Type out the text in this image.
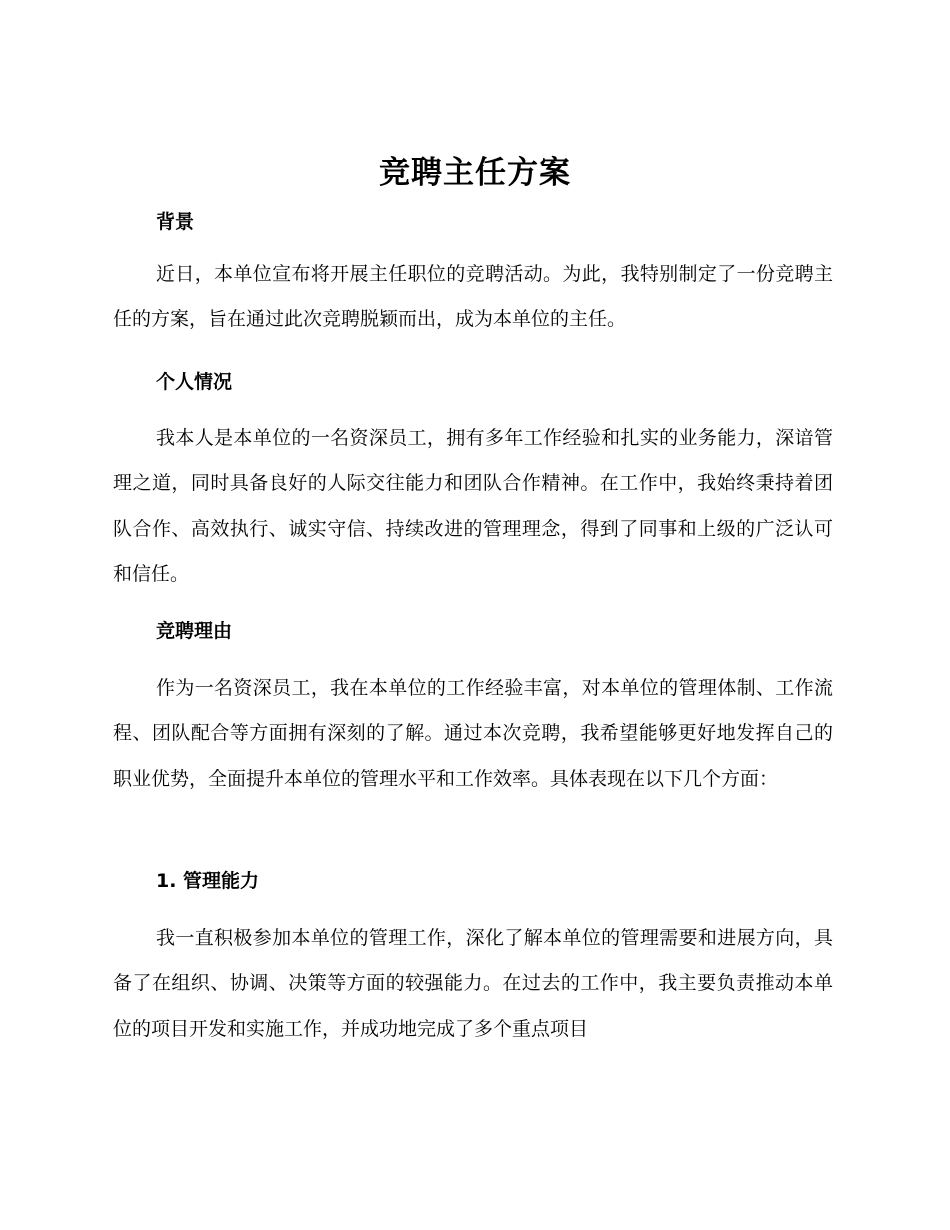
竞聘主任方案
背景

近日，本单位宣布将开展主任职位的竞聘活动。为此，我特别制定了一份竞聘主任的方案，旨在通过此次竞聘脱颖而出，成为本单位的主任。

个人情况

我本人是本单位的一名资深员工，拥有多年工作经验和扎实的业务能力，深谙管理之道，同时具备良好的人际交往能力和团队合作精神。在工作中，我始终秉持着团队合作、高效执行、诚实守信、持续改进的管理理念，得到了同事和上级的广泛认可和信任。

竞聘理由

作为一名资深员工，我在本单位的工作经验丰富，对本单位的管理体制、工作流程、团队配合等方面拥有深刻的了解。通过本次竞聘，我希望能够更好地发挥自己的职业优势，全面提升本单位的管理水平和工作效率。具体表现在以下几个方面：

1. 管理能力

我一直积极参加本单位的管理工作，深化了解本单位的管理需要和进展方向，具备了在组织、协调、决策等方面的较强能力。在过去的工作中，我主要负责推动本单位的项目开发和实施工作，并成功地完成了多个重点项目
